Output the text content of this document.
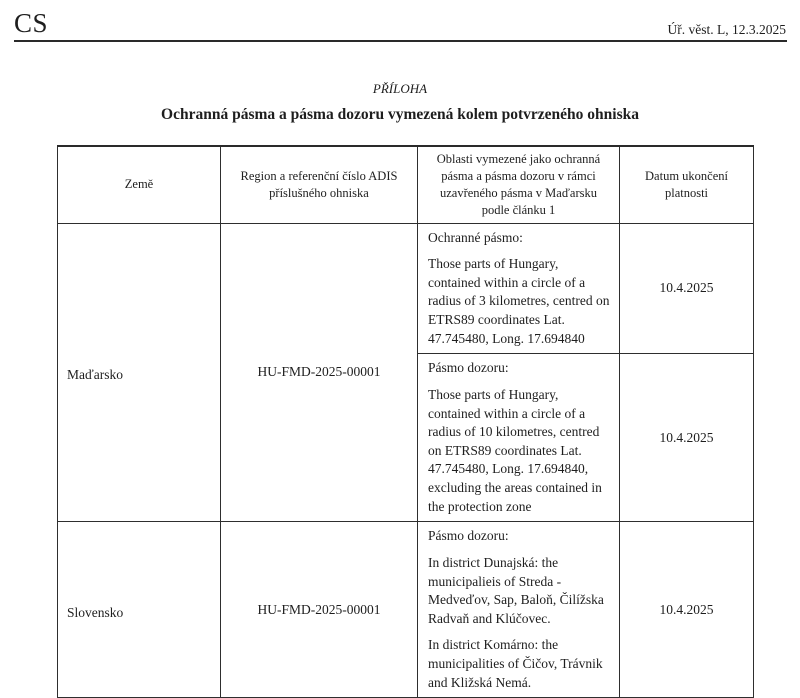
CS	Úř. věst. L, 12.3.2025
PŘÍLOHA
Ochranná pásma a pásma dozoru vymezená kolem potvrzeného ohniska
Země	Region a referenční číslo ADIS příslušného ohniska	Oblasti vymezené jako ochranná pásma a pásma dozoru v rámci uzavřeného pásma v Maďarsku podle článku 1	Datum ukončení platnosti
Maďarsko	HU-FMD-2025-00001	Ochranné pásmo:

Those parts of Hungary, contained within a circle of a radius of 3 kilometres, centred on ETRS89 coordinates Lat. 47.745480, Long. 17.694840	10.4.2025

		Pásmo dozoru:

Those parts of Hungary, contained within a circle of a radius of 10 kilometres, centred on ETRS89 coordinates Lat. 47.745480, Long. 17.694840, excluding the areas contained in the protection zone	10.4.2025
Slovensko	HU-FMD-2025-00001	Pásmo dozoru:

In district Dunajská: the municipalieis of Streda - Medveďov, Sap, Baloň, Čilížska Radvaň and Klúčovec.

In district Komárno: the municipalities of Čičov, Trávnik and Kližská Nemá.	10.4.2025
